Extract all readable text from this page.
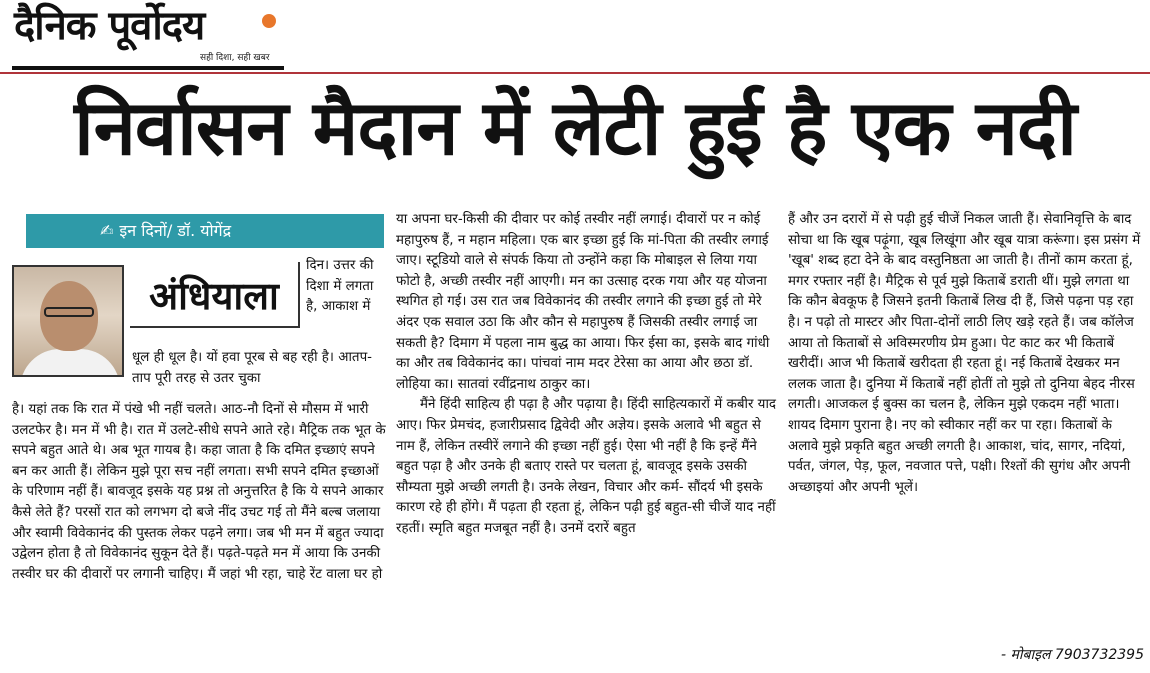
दैनिक पूर्वोदय
सही दिशा, सही खबर
निर्वासन मैदान में लेटी हुई है एक नदी
✍ इन दिनों/ डॉ. योगेंद्र
अंधियाला

दिन। उत्तर की दिशा में लगता है, आकाश में

धूल ही धूल है। यों हवा पूरब से बह रही है। आतप-ताप पूरी तरह से उतर चुका

है। यहां तक कि रात में पंखे भी नहीं चलते। आठ-नौ दिनों से मौसम में भारी उलटफेर है। मन में भी है। रात में उलटे-सीधे सपने आते रहे। मैट्रिक तक भूत के सपने बहुत आते थे। अब भूत गायब है। कहा जाता है कि दमित इच्छाएं सपने बन कर आती हैं। लेकिन मुझे पूरा सच नहीं लगता। सभी सपने दमित इच्छाओं के परिणाम नहीं हैं। बावजूद इसके यह प्रश्न तो अनुत्तरित है कि ये सपने आकार कैसे लेते हैं? परसों रात को लगभग दो बजे नींद उचट गई तो मैंने बल्ब जलाया और स्वामी विवेकानंद की पुस्तक लेकर पढ़ने लगा। जब भी मन में बहुत ज्यादा उद्वेलन होता है तो विवेकानंद सुकून देते हैं। पढ़ते-पढ़ते मन में आया कि उनकी तस्वीर घर की दीवारों पर लगानी चाहिए। मैं जहां भी रहा, चाहे रेंट वाला घर हो

या अपना घर-किसी की दीवार पर कोई तस्वीर नहीं लगाई। दीवारों पर न कोई महापुरुष हैं, न महान महिला। एक बार इच्छा हुई कि मां-पिता की तस्वीर लगाई जाए। स्टूडियो वाले से संपर्क किया तो उन्होंने कहा कि मोबाइल से लिया गया फोटो है, अच्छी तस्वीर नहीं आएगी। मन का उत्साह दरक गया और यह योजना स्थगित हो गई। उस रात जब विवेकानंद की तस्वीर लगाने की इच्छा हुई तो मेरे अंदर एक सवाल उठा कि और कौन से महापुरुष हैं जिसकी तस्वीर लगाई जा सकती है? दिमाग में पहला नाम बुद्ध का आया। फिर ईसा का, इसके बाद गांधी का और तब विवेकानंद का। पांचवां नाम मदर टेरेसा का आया और छठा डॉ. लोहिया का। सातवां रवींद्रनाथ ठाकुर का।

मैंने हिंदी साहित्य ही पढ़ा है और पढ़ाया है। हिंदी साहित्यकारों में कबीर याद आए। फिर प्रेमचंद, हजारीप्रसाद द्विवेदी और अज्ञेय। इसके अलावे भी बहुत से नाम हैं, लेकिन तस्वीरें लगाने की इच्छा नहीं हुई। ऐसा भी नहीं है कि इन्हें मैंने बहुत पढ़ा है और उनके ही बताए रास्ते पर चलता हूं, बावजूद इसके उसकी सौम्यता मुझे अच्छी लगती है। उनके लेखन, विचार और कर्म- सौंदर्य भी इसके कारण रहे ही होंगे। मैं पढ़ता ही रहता हूं, लेकिन पढ़ी हुई बहुत-सी चीजें याद नहीं रहतीं। स्मृति बहुत मजबूत नहीं है। उनमें दरारें बहुत

हैं और उन दरारों में से पढ़ी हुई चीजें निकल जाती हैं। सेवानिवृत्ति के बाद सोचा था कि खूब पढ़ूंगा, खूब लिखूंगा और खूब यात्रा करूंगा। इस प्रसंग में 'खूब' शब्द हटा देने के बाद वस्तुनिष्ठता आ जाती है। तीनों काम करता हूं, मगर रफ्तार नहीं है। मैट्रिक से पूर्व मुझे किताबें डराती थीं। मुझे लगता था कि कौन बेवकूफ है जिसने इतनी किताबें लिख दी हैं, जिसे पढ़ना पड़ रहा है। न पढ़ो तो मास्टर और पिता-दोनों लाठी लिए खड़े रहते हैं। जब कॉलेज आया तो किताबों से अविस्मरणीय प्रेम हुआ। पेट काट कर भी किताबें खरीदीं। आज भी किताबें खरीदता ही रहता हूं। नई किताबें देखकर मन ललक जाता है। दुनिया में किताबें नहीं होतीं तो मुझे तो दुनिया बेहद नीरस लगती। आजकल ई बुक्स का चलन है, लेकिन मुझे एकदम नहीं भाता। शायद दिमाग पुराना है। नए को स्वीकार नहीं कर पा रहा। किताबों के अलावे मुझे प्रकृति बहुत अच्छी लगती है। आकाश, चांद, सागर, नदियां, पर्वत, जंगल, पेड़, फूल, नवजात पत्ते, पक्षी। रिश्तों की सुगंध और अपनी अच्छाइयां और अपनी भूलें।

- मोबाइल 7903732395
